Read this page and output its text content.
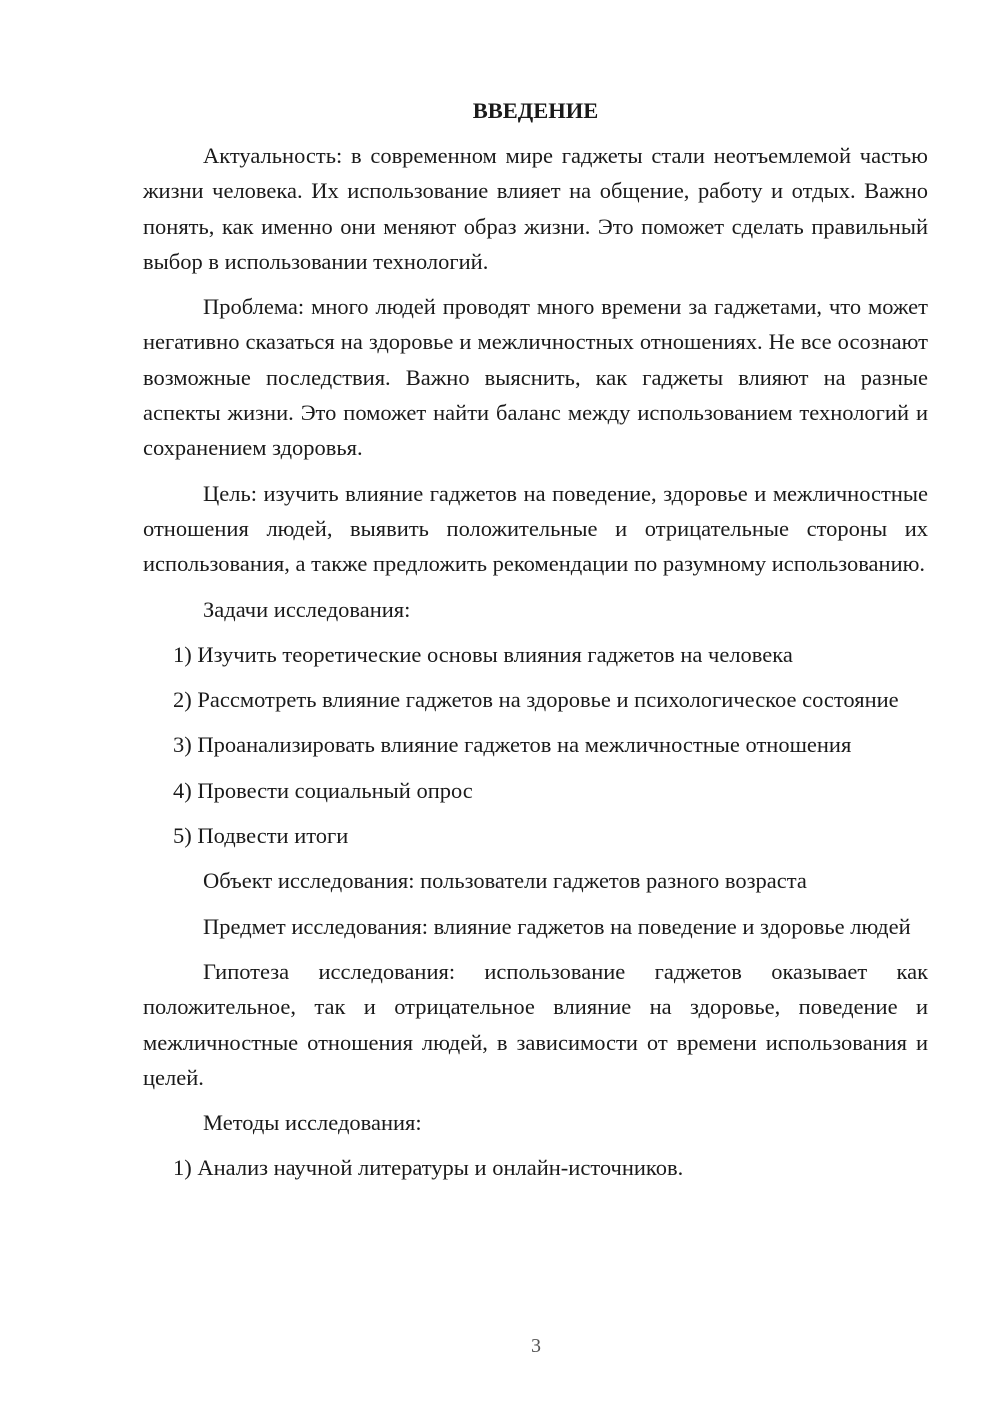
ВВЕДЕНИЕ

Актуальность: в современном мире гаджеты стали неотъемлемой частью жизни человека. Их использование влияет на общение, работу и отдых. Важно понять, как именно они меняют образ жизни. Это поможет сделать правильный выбор в использовании технологий.

Проблема: много людей проводят много времени за гаджетами, что может негативно сказаться на здоровье и межличностных отношениях. Не все осознают возможные последствия. Важно выяснить, как гаджеты влияют на разные аспекты жизни. Это поможет найти баланс между использованием технологий и сохранением здоровья.

Цель: изучить влияние гаджетов на поведение, здоровье и межличностные отношения людей, выявить положительные и отрицательные стороны их использования, а также предложить рекомендации по разумному использованию.

Задачи исследования:

1) Изучить теоретические основы влияния гаджетов на человека

2) Рассмотреть влияние гаджетов на здоровье и психологическое состояние

3) Проанализировать влияние гаджетов на межличностные отношения

4) Провести социальный опрос

5) Подвести итоги

Объект исследования: пользователи гаджетов разного возраста

Предмет исследования: влияние гаджетов на поведение и здоровье людей

Гипотеза исследования: использование гаджетов оказывает как положительное, так и отрицательное влияние на здоровье, поведение и межличностные отношения людей, в зависимости от времени использования и целей.

Методы исследования:

1) Анализ научной литературы и онлайн-источников.

3
